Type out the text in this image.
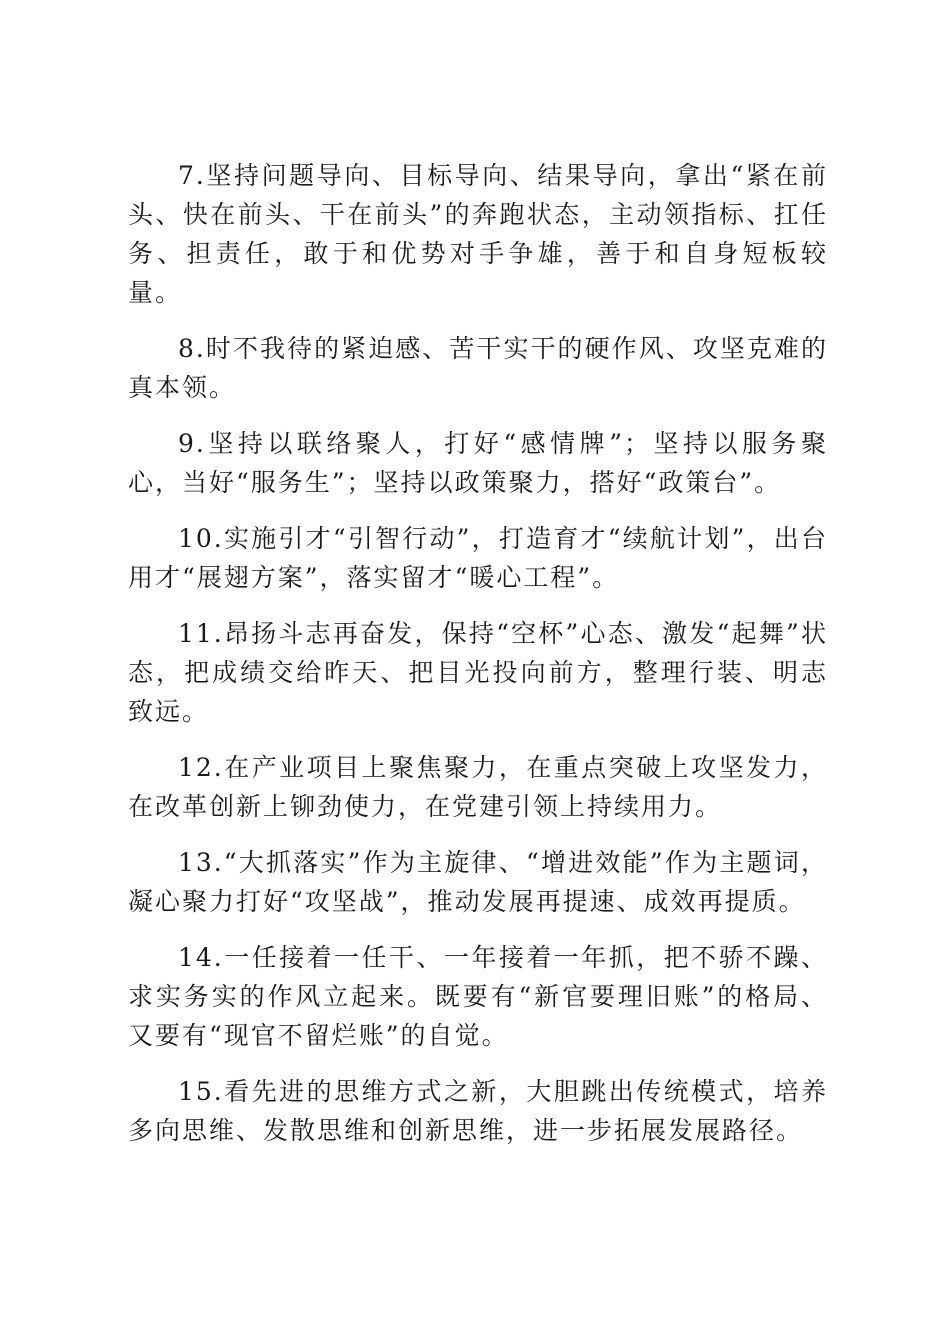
7.坚持问题导向、目标导向、结果导向，拿出“紧在前头、快在前头、干在前头”的奔跑状态，主动领指标、扛任务、担责任，敢于和优势对手争雄，善于和自身短板较量。

8.时不我待的紧迫感、苦干实干的硬作风、攻坚克难的真本领。

9.坚持以联络聚人，打好“感情牌”；坚持以服务聚心，当好“服务生”；坚持以政策聚力，搭好“政策台”。

10.实施引才“引智行动”，打造育才“续航计划”，出台用才“展翅方案”，落实留才“暖心工程”。

11.昂扬斗志再奋发，保持“空杯”心态、激发“起舞”状态，把成绩交给昨天、把目光投向前方，整理行装、明志致远。

12.在产业项目上聚焦聚力，在重点突破上攻坚发力，在改革创新上铆劲使力，在党建引领上持续用力。

13.“大抓落实”作为主旋律、“增进效能”作为主题词，凝心聚力打好“攻坚战”，推动发展再提速、成效再提质。

14.一任接着一任干、一年接着一年抓，把不骄不躁、求实务实的作风立起来。既要有“新官要理旧账”的格局、又要有“现官不留烂账”的自觉。

15.看先进的思维方式之新，大胆跳出传统模式，培养多向思维、发散思维和创新思维，进一步拓展发展路径。
